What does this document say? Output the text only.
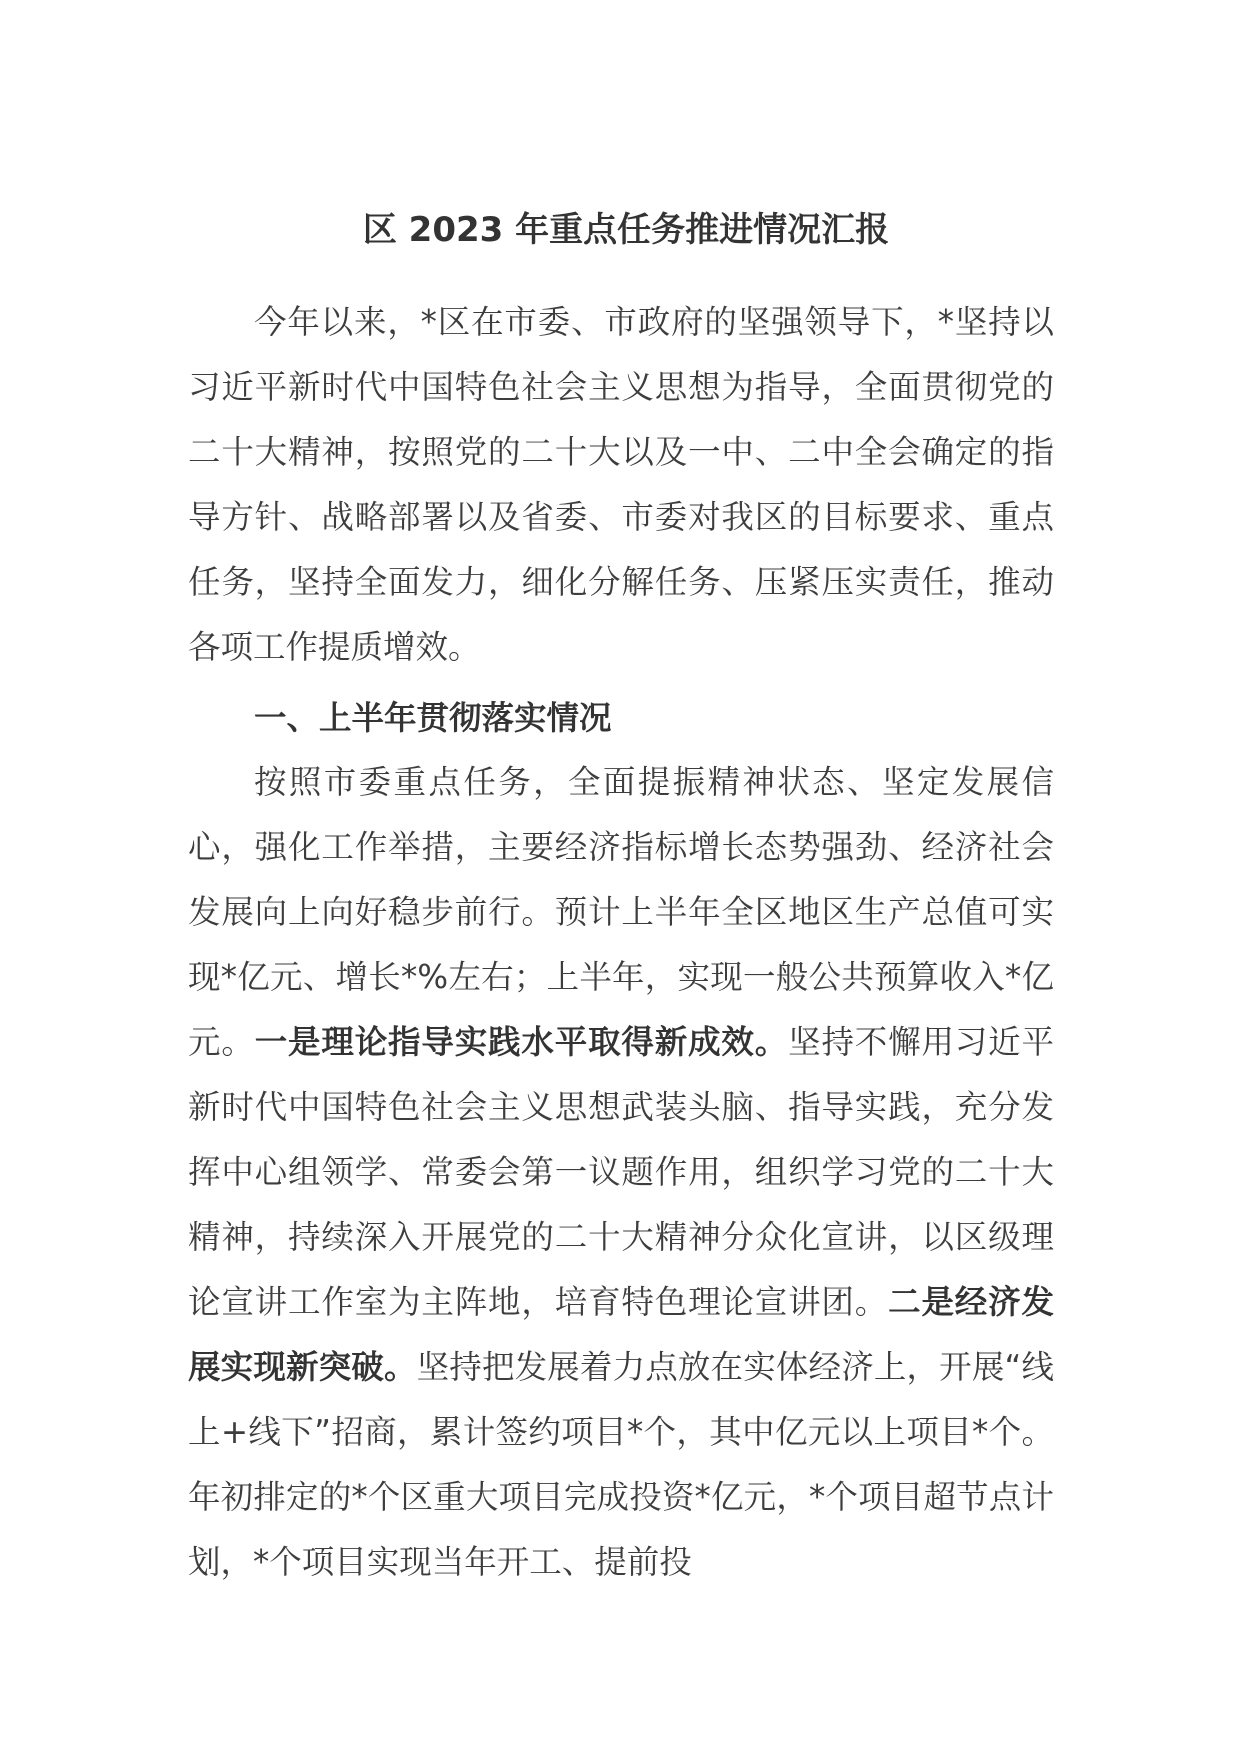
区 2023 年重点任务推进情况汇报

今年以来，*区在市委、市政府的坚强领导下，*坚持以习近平新时代中国特色社会主义思想为指导，全面贯彻党的二十大精神，按照党的二十大以及一中、二中全会确定的指导方针、战略部署以及省委、市委对我区的目标要求、重点任务，坚持全面发力，细化分解任务、压紧压实责任，推动各项工作提质增效。

一、上半年贯彻落实情况

按照市委重点任务，全面提振精神状态、坚定发展信心，强化工作举措，主要经济指标增长态势强劲、经济社会发展向上向好稳步前行。预计上半年全区地区生产总值可实现*亿元、增长*%左右；上半年，实现一般公共预算收入*亿元。一是理论指导实践水平取得新成效。坚持不懈用习近平新时代中国特色社会主义思想武装头脑、指导实践，充分发挥中心组领学、常委会第一议题作用，组织学习党的二十大精神，持续深入开展党的二十大精神分众化宣讲，以区级理论宣讲工作室为主阵地，培育特色理论宣讲团。二是经济发展实现新突破。坚持把发展着力点放在实体经济上，开展“线上+线下”招商，累计签约项目*个，其中亿元以上项目*个。年初排定的*个区重大项目完成投资*亿元，*个项目超节点计划，*个项目实现当年开工、提前投
